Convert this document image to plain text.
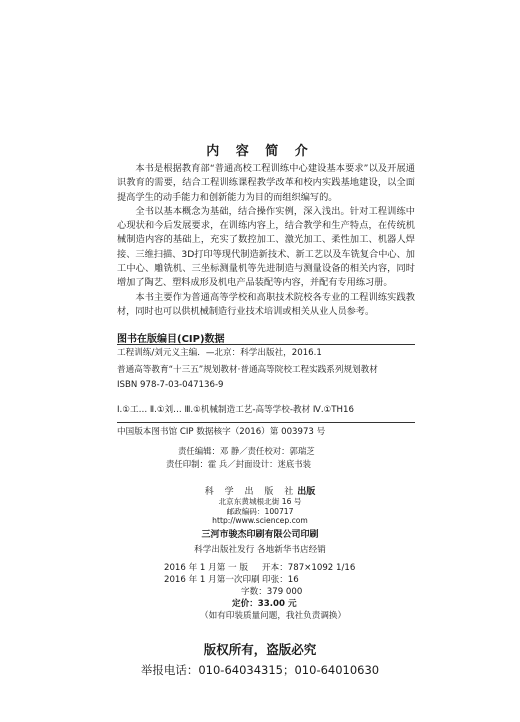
内 容 简 介

本书是根据教育部“普通高校工程训练中心建设基本要求”以及开展通识教育的需要，结合工程训练课程教学改革和校内实践基地建设，以全面提高学生的动手能力和创新能力为目的而组织编写的。

全书以基本概念为基础，结合操作实例，深入浅出。针对工程训练中心现状和今后发展要求，在训练内容上，结合教学和生产特点，在传统机械制造内容的基础上，充实了数控加工、激光加工、柔性加工、机器人焊接、三维扫描、3D打印等现代制造新技术、新工艺以及车铣复合中心、加工中心、雕铣机、三坐标测量机等先进制造与测量设备的相关内容，同时增加了陶艺、塑料成形及机电产品装配等内容，并配有专用练习册。

本书主要作为普通高等学校和高职技术院校各专业的工程训练实践教材，同时也可以供机械制造行业技术培训或相关从业人员参考。

图书在版编目(CIP)数据
工程训练/刘元义主编．—北京：科学出版社，2016.1
普通高等教育“十三五”规划教材·普通高等院校工程实践系列规划教材
ISBN 978-7-03-047136-9
Ⅰ.①工… Ⅱ.①刘… Ⅲ.①机械制造工艺-高等学校-教材 Ⅳ.①TH16
中国版本图书馆 CIP 数据核字（2016）第 003973 号
责任编辑：邓 静／责任校对：郭瑞芝
责任印制：霍 兵／封面设计：迷底书装
科 学 出 版 社出版
北京东黄城根北街 16 号
邮政编码：100717
http://www.sciencep.com
三河市骏杰印刷有限公司印刷
科学出版社发行 各地新华书店经销
2016 年 1 月第 一 版 开本：787×1092 1/16
2016 年 1 月第一次印刷 印张：16
字数：379 000
定价：33.00 元
（如有印装质量问题，我社负责调换）
版权所有，盗版必究
举报电话：010-64034315；010-64010630
